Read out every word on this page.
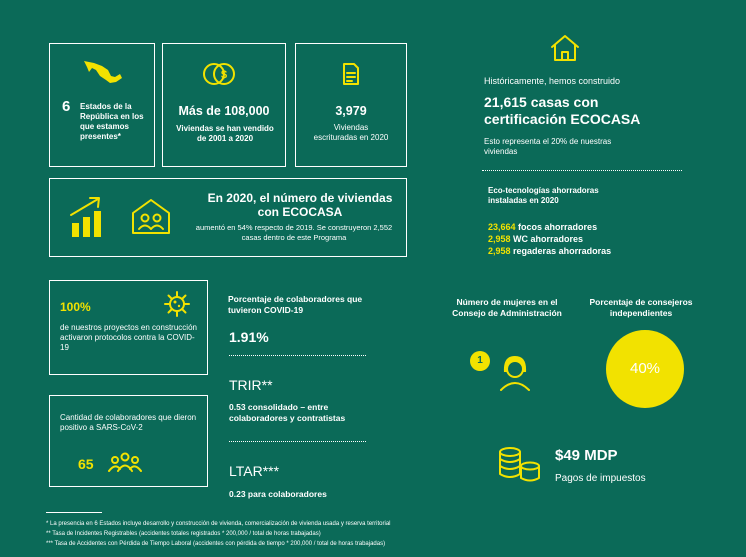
6 Estados de la República en los que estamos presentes*
$
Más de 108,000
Viviendas se han vendido de 2001 a 2020
3,979
Viviendas escrituradas en 2020
En 2020, el número de viviendas con ECOCASA
aumentó en 54% respecto de 2019. Se construyeron 2,552 casas dentro de este Programa
Históricamente, hemos construido
21,615 casas con certificación ECOCASA
Esto representa el 20% de nuestras viviendas
Eco-tecnologías ahorradoras instaladas en 2020
23,664 focos ahorradores
2,958 WC ahorradores
2,958 regaderas ahorradoras
100%
de nuestros proyectos en construcción activaron protocolos contra la COVID-19
Cantidad de colaboradores que dieron positivo a SARS-CoV-2
65
Porcentaje de colaboradores que tuvieron COVID-19
1.91%
TRIR**
0.53 consolidado – entre colaboradores y contratistas
LTAR***
0.23 para colaboradores
Número de mujeres en el Consejo de Administración
1
Porcentaje de consejeros independientes
40%
$49 MDP
Pagos de impuestos
* La presencia en 6 Estados incluye desarrollo y construcción de vivienda, comercialización de vivienda usada y reserva territorial
** Tasa de Incidentes Registrables (accidentes totales registrados * 200,000 / total de horas trabajadas)
*** Tasa de Accidentes con Pérdida de Tiempo Laboral (accidentes con pérdida de tiempo * 200,000 / total de horas trabajadas)
